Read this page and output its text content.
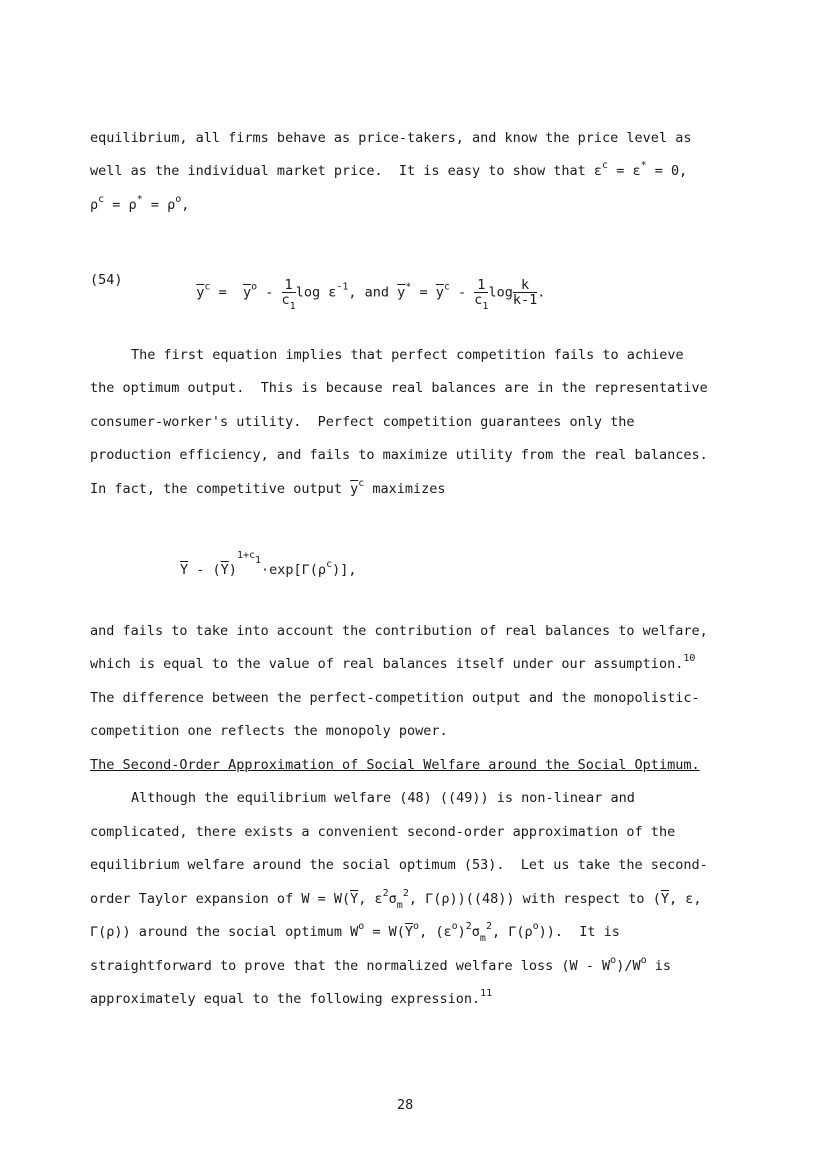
equilibrium, all firms behave as price-takers, and know the price level as
well as the individual market price.  It is easy to show that $\varepsilon^c = \varepsilon^* = 0$,
$\rho^c = \rho^* = \rho^o$,
(54)

$\overline{y}^c = \overline{y}^o - \frac{1}{c_1}$ $\log \varepsilon^{-1}$, and $\overline{y}^* = \overline{y}^c - \frac{1}{c_1}$ $\log \frac{k}{k-1}$ .

The first equation implies that perfect competition fails to achieve
the optimum output.  This is because real balances are in the representative
consumer-worker's utility.  Perfect competition guarantees only the
production efficiency, and fails to maximize utility from the real balances.
In fact, the competitive output $\overline{y}^c$ maximizes
$\overline{Y} - (\overline{Y})^{1+c_1}\cdot\exp[\Gamma(\rho^c)]$,
and fails to take into account the contribution of real balances to welfare,
which is equal to the value of real balances itself under our assumption.$^{10}$
The difference between the perfect-competition output and the monopolistic-
competition one reflects the monopoly power.
The Second-Order Approximation of Social Welfare around the Social Optimum.
Although the equilibrium welfare (48) ((49)) is non-linear and
complicated, there exists a convenient second-order approximation of the
equilibrium welfare around the social optimum (53).  Let us take the second-
order Taylor expansion of $W = W(\overline{Y}$, $\varepsilon^2\sigma_m^2$, Γ(ρ))((48)) with respect to ($\overline{Y}$, ε,
Γ(ρ)) around the social optimum $W^o = W(\overline{Y}^o$, $(\varepsilon^o)^2\sigma_m^2$, $\Gamma(\rho^o)$).  It is
straightforward to prove that the normalized welfare loss $(W - W^o)/W^o$ is
approximately equal to the following expression.$^{11}$
28
